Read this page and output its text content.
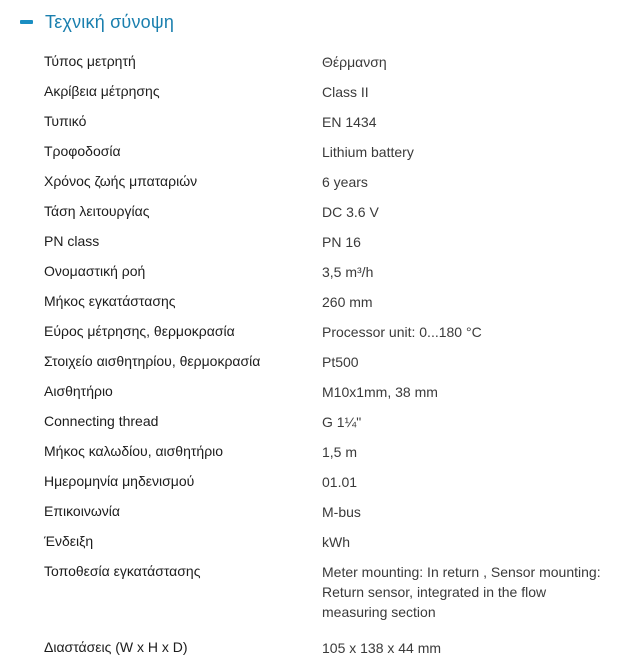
Τεχνική σύνοψη
Τύπος μετρητή	Θέρμανση
Ακρίβεια μέτρησης	Class II
Τυπικό	EN 1434
Τροφοδοσία	Lithium battery
Χρόνος ζωής μπαταριών	6 years
Τάση λειτουργίας	DC 3.6 V
PN class	PN 16
Ονομαστική ροή	3,5 m³/h
Μήκος εγκατάστασης	260 mm
Εύρος μέτρησης, θερμοκρασία	Processor unit: 0...180 °C
Στοιχείο αισθητηρίου, θερμοκρασία	Pt500
Αισθητήριο	M10x1mm, 38 mm
Connecting thread	G 1¼"
Μήκος καλωδίου, αισθητήριο	1,5 m
Ημερομηνία μηδενισμού	01.01
Επικοινωνία	M-bus
Ένδειξη	kWh
Τοποθεσία εγκατάστασης	Meter mounting: In return , Sensor mounting:
Return sensor, integrated in the flow
measuring section
Διαστάσεις (W x H x D)	105 x 138 x 44 mm
